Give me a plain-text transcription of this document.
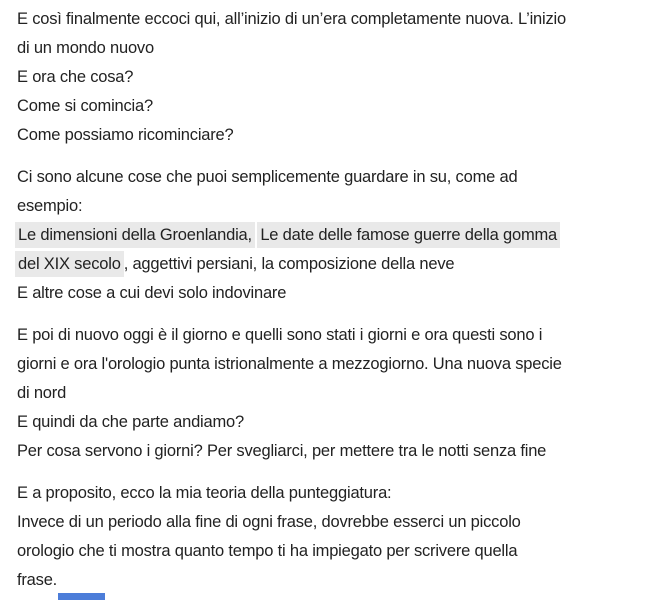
E così finalmente eccoci qui, all’inizio di un’era completamente nuova. L’inizio
di un mondo nuovo
E ora che cosa?
Come si comincia?
Come possiamo ricominciare?
Ci sono alcune cose che puoi semplicemente guardare in su, come ad
esempio:
Le dimensioni della Groenlandia, Le date delle famose guerre della gomma
del XIX secolo , aggettivi persiani, la composizione della neve
E altre cose a cui devi solo indovinare
E poi di nuovo oggi è il giorno e quelli sono stati i giorni e ora questi sono i
giorni e ora l'orologio punta istrionalmente a mezzogiorno. Una nuova specie
di nord
E quindi da che parte andiamo?
Per cosa servono i giorni? Per svegliarci, per mettere tra le notti senza fine
E a proposito, ecco la mia teoria della punteggiatura:
Invece di un periodo alla fine di ogni frase, dovrebbe esserci un piccolo
orologio che ti mostra quanto tempo ti ha impiegato per scrivere quella
frase.
